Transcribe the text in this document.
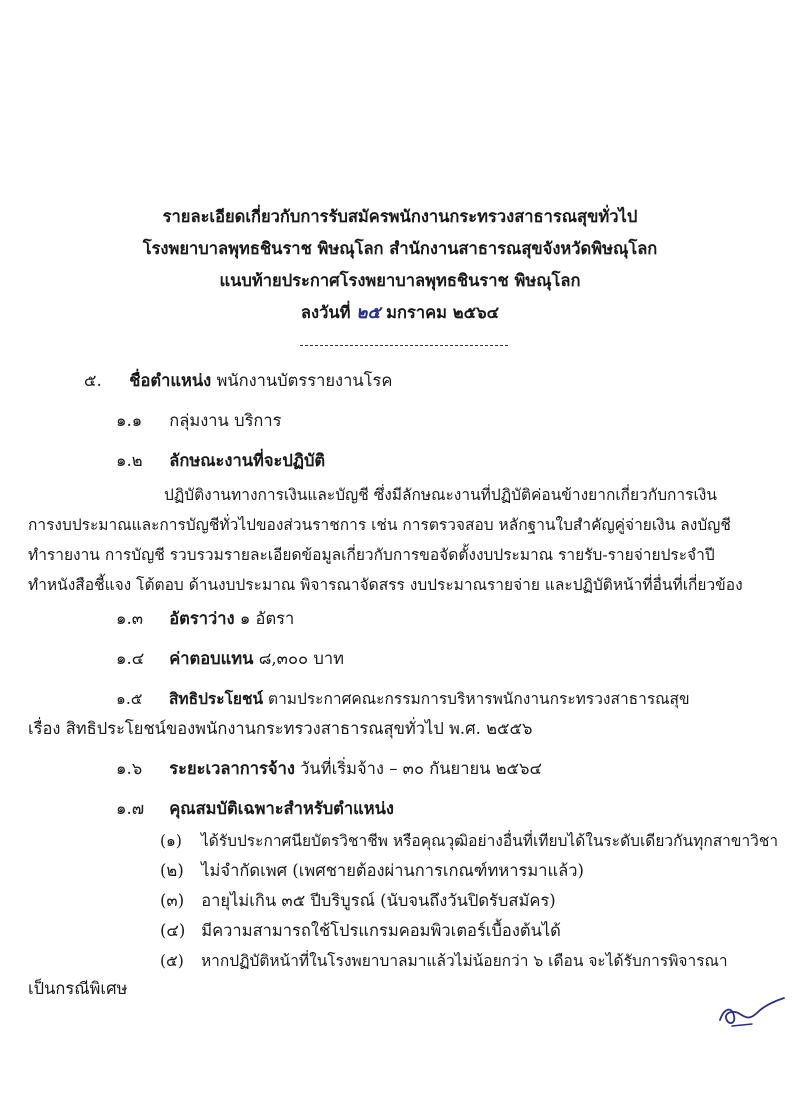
รายละเอียดเกี่ยวกับการรับสมัครพนักงานกระทรวงสาธารณสุขทั่วไป
โรงพยาบาลพุทธชินราช พิษณุโลก สำนักงานสาธารณสุขจังหวัดพิษณุโลก
แนบท้ายประกาศโรงพยาบาลพุทธชินราช พิษณุโลก
ลงวันที่ ๒๕ มกราคม ๒๕๖๔
๕. ชื่อตำแหน่ง พนักงานบัตรรายงานโรค
๑.๑ กลุ่มงาน บริการ
๑.๒ ลักษณะงานที่จะปฏิบัติ
ปฏิบัติงานทางการเงินและบัญชี ซึ่งมีลักษณะงานที่ปฏิบัติค่อนข้างยากเกี่ยวกับการเงิน
การงบประมาณและการบัญชีทั่วไปของส่วนราชการ เช่น การตรวจสอบ หลักฐานใบสำคัญคู่จ่ายเงิน ลงบัญชี
ทำรายงาน การบัญชี รวบรวมรายละเอียดข้อมูลเกี่ยวกับการขอจัดตั้งงบประมาณ รายรับ-รายจ่ายประจำปี
ทำหนังสือชี้แจง โต้ตอบ ด้านงบประมาณ พิจารณาจัดสรร งบประมาณรายจ่าย และปฏิบัติหน้าที่อื่นที่เกี่ยวข้อง
๑.๓ อัตราว่าง ๑ อัตรา
๑.๔ ค่าตอบแทน ๘,๓๐๐ บาท
๑.๕ สิทธิประโยชน์ ตามประกาศคณะกรรมการบริหารพนักงานกระทรวงสาธารณสุข
เรื่อง สิทธิประโยชน์ของพนักงานกระทรวงสาธารณสุขทั่วไป พ.ศ. ๒๕๕๖
๑.๖ ระยะเวลาการจ้าง วันที่เริ่มจ้าง – ๓๐ กันยายน ๒๕๖๔
๑.๗ คุณสมบัติเฉพาะสำหรับตำแหน่ง
(๑) ได้รับประกาศนียบัตรวิชาชีพ หรือคุณวุฒิอย่างอื่นที่เทียบได้ในระดับเดียวกันทุกสาขาวิชา
(๒) ไม่จำกัดเพศ (เพศชายต้องผ่านการเกณฑ์ทหารมาแล้ว)
(๓) อายุไม่เกิน ๓๕ ปีบริบูรณ์ (นับจนถึงวันปิดรับสมัคร)
(๔) มีความสามารถใช้โปรแกรมคอมพิวเตอร์เบื้องต้นได้
(๕) หากปฏิบัติหน้าที่ในโรงพยาบาลมาแล้วไม่น้อยกว่า ๖ เดือน จะได้รับการพิจารณา
เป็นกรณีพิเศษ
